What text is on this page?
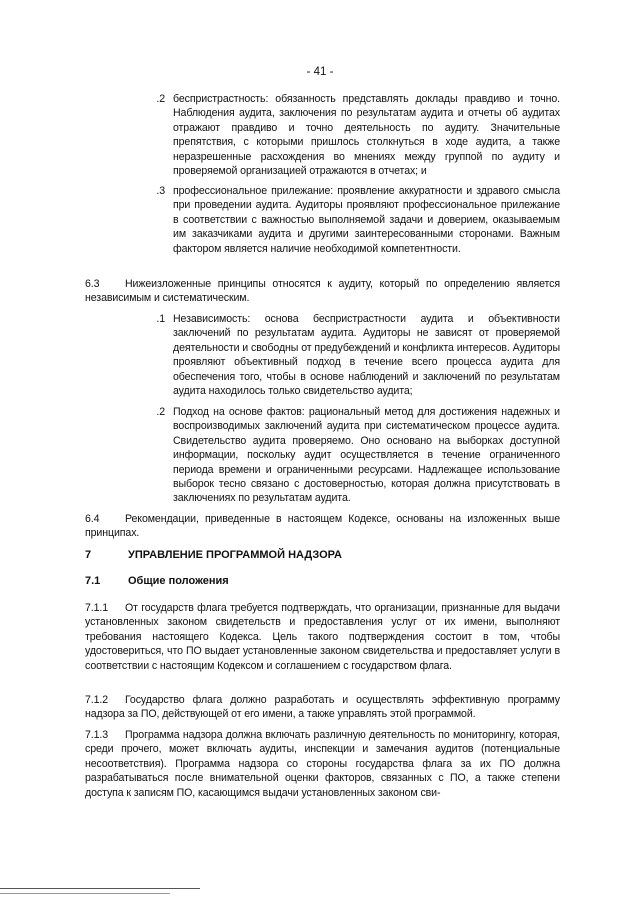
- 41 -
.2 беспристрастность: обязанность представлять доклады правдиво и точно. Наблюдения аудита, заключения по результатам аудита и отчеты об аудитах отражают правдиво и точно деятельность по аудиту. Значительные препятствия, с которыми пришлось столкнуться в ходе аудита, а также неразрешенные расхождения во мнениях между группой по аудиту и проверяемой организацией отражаются в отчетах; и
.3 профессиональное прилежание: проявление аккуратности и здравого смысла при проведении аудита. Аудиторы проявляют профессиональное прилежание в соответствии с важностью выполняемой задачи и доверием, оказываемым им заказчиками аудита и другими заинтересованными сторонами. Важным фактором является наличие необходимой компетентности.
6.3 Нижеизложенные принципы относятся к аудиту, который по определению является независимым и систематическим.
.1 Независимость: основа беспристрастности аудита и объективности заключений по результатам аудита. Аудиторы не зависят от проверяемой деятельности и свободны от предубеждений и конфликта интересов. Аудиторы проявляют объективный подход в течение всего процесса аудита для обеспечения того, чтобы в основе наблюдений и заключений по результатам аудита находилось только свидетельство аудита;
.2 Подход на основе фактов: рациональный метод для достижения надежных и воспроизводимых заключений аудита при систематическом процессе аудита. Свидетельство аудита проверяемо. Оно основано на выборках доступной информации, поскольку аудит осуществляется в течение ограниченного периода времени и ограниченными ресурсами. Надлежащее использование выборок тесно связано с достоверностью, которая должна присутствовать в заключениях по результатам аудита.
6.4 Рекомендации, приведенные в настоящем Кодексе, основаны на изложенных выше принципах.
7	УПРАВЛЕНИЕ ПРОГРАММОЙ НАДЗОРА
7.1	Общие положения
7.1.1 От государств флага требуется подтверждать, что организации, признанные для выдачи установленных законом свидетельств и предоставления услуг от их имени, выполняют требования настоящего Кодекса. Цель такого подтверждения состоит в том, чтобы удостовериться, что ПО выдает установленные законом свидетельства и предоставляет услуги в соответствии с настоящим Кодексом и соглашением с государством флага.
7.1.2 Государство флага должно разработать и осуществлять эффективную программу надзора за ПО, действующей от его имени, а также управлять этой программой.
7.1.3 Программа надзора должна включать различную деятельность по мониторингу, которая, среди прочего, может включать аудиты, инспекции и замечания аудитов (потенциальные несоответствия). Программа надзора со стороны государства флага за их ПО должна разрабатываться после внимательной оценки факторов, связанных с ПО, а также степени доступа к записям ПО, касающимся выдачи установленных законом сви-
